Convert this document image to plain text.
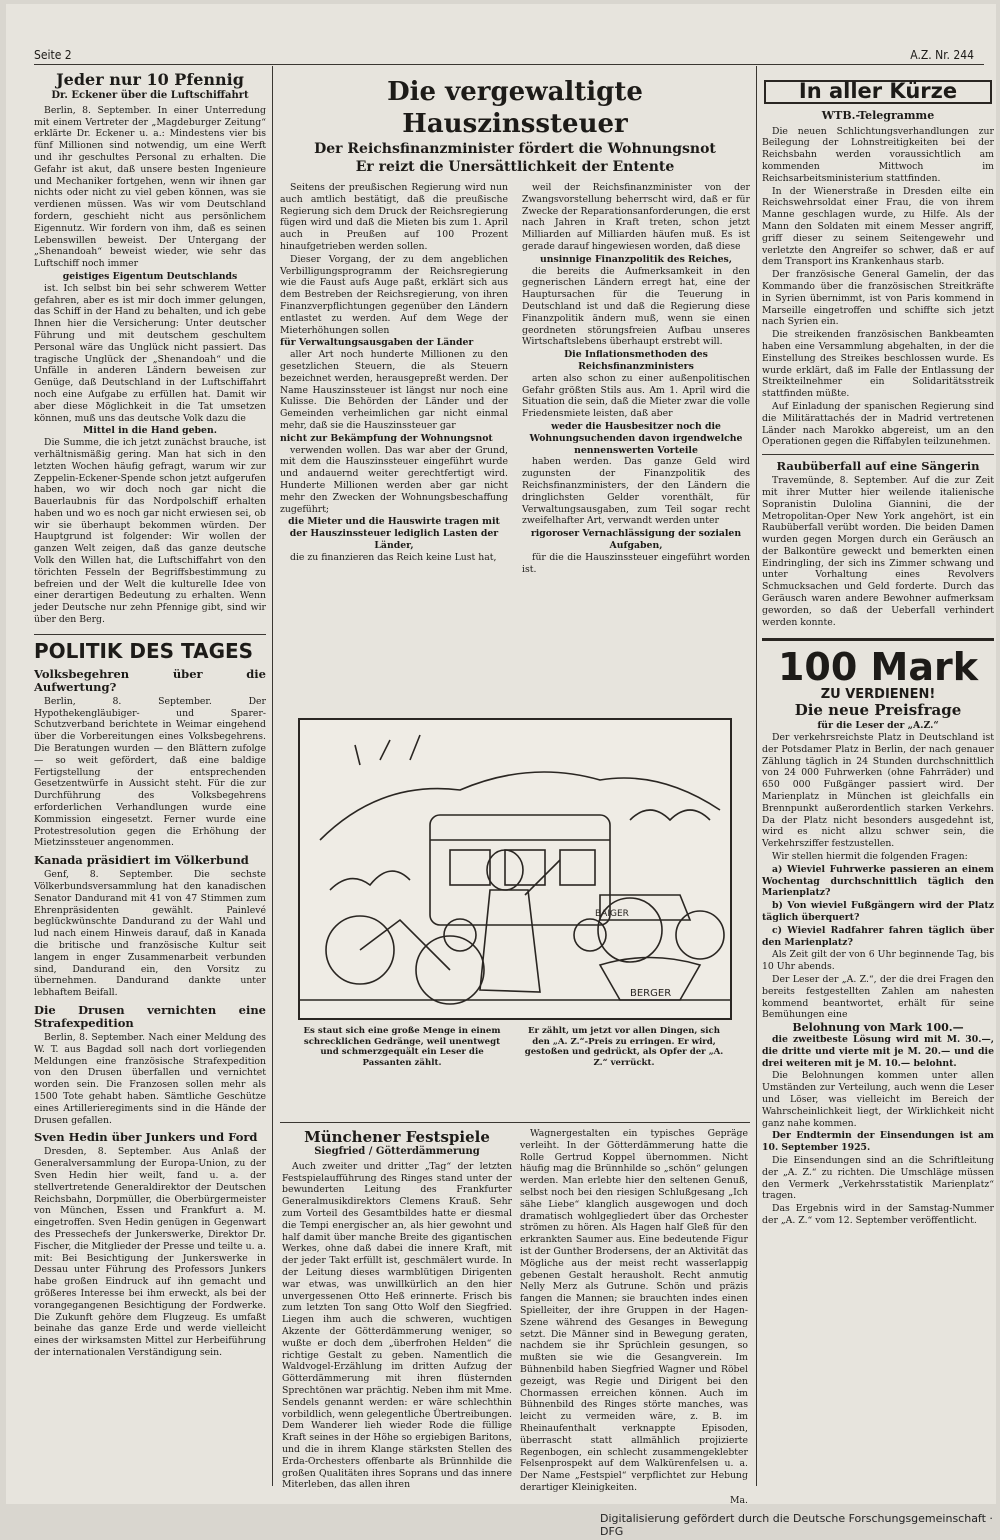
Seite 2	A.Z. Nr. 244
Jeder nur 10 Pfennig
Dr. Eckener über die Luftschiffahrt

Berlin, 8. September. In einer Unterredung mit einem Vertreter der „Magdeburger Zeitung“ erklärte Dr. Eckener u. a.: Mindestens vier bis fünf Millionen sind notwendig, um eine Werft und ihr geschultes Personal zu erhalten. Die Gefahr ist akut, daß unsere besten Ingenieure und Mechaniker fortgehen, wenn wir ihnen gar nichts oder nicht zu viel geben können, was sie verdienen müssen. Was wir vom Deutschland fordern, geschieht nicht aus persönlichem Eigennutz. Wir fordern von ihm, daß es seinen Lebenswillen beweist. Der Untergang der „Shenandoah“ beweist wieder, wie sehr das Luftschiff noch immer

geistiges Eigentum Deutschlands

ist. Ich selbst bin bei sehr schwerem Wetter gefahren, aber es ist mir doch immer gelungen, das Schiff in der Hand zu behalten, und ich gebe Ihnen hier die Versicherung: Unter deutscher Führung und mit deutschem geschultem Personal wäre das Unglück nicht passiert. Das tragische Unglück der „Shenandoah“ und die Unfälle in anderen Ländern beweisen zur Genüge, daß Deutschland in der Luftschiffahrt noch eine Aufgabe zu erfüllen hat. Damit wir aber diese Möglichkeit in die Tat umsetzen können, muß uns das deutsche Volk dazu die

Mittel in die Hand geben.

Die Summe, die ich jetzt zunächst brauche, ist verhältnismäßig gering. Man hat sich in den letzten Wochen häufig gefragt, warum wir zur Zeppelin-Eckener-Spende schon jetzt aufgerufen haben, wo wir doch noch gar nicht die Bauerlaubnis für das Nordpolschiff erhalten haben und wo es noch gar nicht erwiesen sei, ob wir sie überhaupt bekommen würden. Der Hauptgrund ist folgender: Wir wollen der ganzen Welt zeigen, daß das ganze deutsche Volk den Willen hat, die Luftschiffahrt von den törichten Fesseln der Begriffsbestimmung zu befreien und der Welt die kulturelle Idee von einer derartigen Bedeutung zu erhalten. Wenn jeder Deutsche nur zehn Pfennige gibt, sind wir über den Berg.

POLITIK DES TAGES
Volksbegehren über die Aufwertung?

Berlin, 8. September. Der Hypothekengläubiger- und Sparer-Schutzverband berichtete in Weimar eingehend über die Vorbereitungen eines Volksbegehrens. Die Beratungen wurden — den Blättern zufolge — so weit gefördert, daß eine baldige Fertigstellung der entsprechenden Gesetzentwürfe in Aussicht steht. Für die zur Durchführung des Volksbegehrens erforderlichen Verhandlungen wurde eine Kommission eingesetzt. Ferner wurde eine Protestresolution gegen die Erhöhung der Mietzinssteuer angenommen.

Kanada präsidiert im Völkerbund

Genf, 8. September. Die sechste Völkerbundsversammlung hat den kanadischen Senator Dandurand mit 41 von 47 Stimmen zum Ehrenpräsidenten gewählt. Painlevé beglückwünschte Dandurand zu der Wahl und lud nach einem Hinweis darauf, daß in Kanada die britische und französische Kultur seit langem in enger Zusammenarbeit verbunden sind, Dandurand ein, den Vorsitz zu übernehmen. Dandurand dankte unter lebhaftem Beifall.

Die Drusen vernichten eine Strafexpedition

Berlin, 8. September. Nach einer Meldung des W. T. aus Bagdad soll nach dort vorliegenden Meldungen eine französische Strafexpedition von den Drusen überfallen und vernichtet worden sein. Die Franzosen sollen mehr als 1500 Tote gehabt haben. Sämtliche Geschütze eines Artillerieregiments sind in die Hände der Drusen gefallen.

Sven Hedin über Junkers und Ford

Dresden, 8. September. Aus Anlaß der Generalversammlung der Europa-Union, zu der Sven Hedin hier weilt, fand u. a. der stellvertretende Generaldirektor der Deutschen Reichsbahn, Dorpmüller, die Oberbürgermeister von München, Essen und Frankfurt a. M. eingetroffen. Sven Hedin genügen in Gegenwart des Pressechefs der Junkerswerke, Direktor Dr. Fischer, die Mitglieder der Presse und teilte u. a. mit: Bei Besichtigung der Junkerswerke in Dessau unter Führung des Professors Junkers habe großen Eindruck auf ihn gemacht und größeres Interesse bei ihm erweckt, als bei der vorangegangenen Besichtigung der Fordwerke. Die Zukunft gehöre dem Flugzeug. Es umfaßt beinahe das ganze Erde und werde vielleicht eines der wirksamsten Mittel zur Herbeiführung der internationalen Verständigung sein.

Die vergewaltigte Hauszinssteuer
Der Reichsfinanzminister fördert die Wohnungsnot
Er reizt die Unersättlichkeit der Entente

Seitens der preußischen Regierung wird nun auch amtlich bestätigt, daß die preußische Regierung sich dem Druck der Reichsregierung fügen wird und daß die Mieten bis zum 1. April auch in Preußen auf 100 Prozent hinaufgetrieben werden sollen.

Dieser Vorgang, der zu dem angeblichen Verbilligungsprogramm der Reichsregierung wie die Faust aufs Auge paßt, erklärt sich aus dem Bestreben der Reichsregierung, von ihren Finanzverpflichtungen gegenüber den Ländern entlastet zu werden. Auf dem Wege der Mieterhöhungen sollen

für Verwaltungsausgaben der Länder

aller Art noch hunderte Millionen zu den gesetzlichen Steuern, die als Steuern bezeichnet werden, herausgepreßt werden. Der Name Hauszinssteuer ist längst nur noch eine Kulisse. Die Behörden der Länder und der Gemeinden verheimlichen gar nicht einmal mehr, daß sie die Hauszinssteuer gar

nicht zur Bekämpfung der Wohnungsnot

verwenden wollen. Das war aber der Grund, mit dem die Hauszinssteuer eingeführt wurde und andauernd weiter gerechtfertigt wird. Hunderte Millionen werden aber gar nicht mehr den Zwecken der Wohnungsbeschaffung zugeführt;

die Mieter und die Hauswirte tragen mit der Hauszinssteuer lediglich Lasten der Länder,

die zu finanzieren das Reich keine Lust hat,

weil der Reichsfinanzminister von der Zwangsvorstellung beherrscht wird, daß er für Zwecke der Reparationsanforderungen, die erst nach Jahren in Kraft treten, schon jetzt Milliarden auf Milliarden häufen muß. Es ist gerade darauf hingewiesen worden, daß diese

unsinnige Finanzpolitik des Reiches,

die bereits die Aufmerksamkeit in den gegnerischen Ländern erregt hat, eine der Hauptursachen für die Teuerung in Deutschland ist und daß die Regierung diese Finanzpolitik ändern muß, wenn sie einen geordneten störungsfreien Aufbau unseres Wirtschaftslebens überhaupt erstrebt will.

Die Inflationsmethoden des Reichsfinanzministers

arten also schon zu einer außenpolitischen Gefahr größten Stils aus. Am 1. April wird die Situation die sein, daß die Mieter zwar die volle Friedensmiete leisten, daß aber

weder die Hausbesitzer noch die Wohnungsuchenden davon irgendwelche nennenswerten Vorteile

haben werden. Das ganze Geld wird zugunsten der Finanzpolitik des Reichsfinanzministers, der den Ländern die dringlichsten Gelder vorenthält, für Verwaltungsausgaben, zum Teil sogar recht zweifelhafter Art, verwandt werden unter

rigoroser Vernachlässigung der sozialen Aufgaben,

für die die Hauszinssteuer eingeführt worden ist.

BAIGER
BERGER
Es staut sich eine große Menge in einem schrecklichen Gedränge, weil unentwegt und schmerzgequält ein Leser die Passanten zählt.
Er zählt, um jetzt vor allen Dingen, sich den „A. Z.“-Preis zu erringen. Er wird, gestoßen und gedrückt, als Opfer der „A. Z.“ verrückt.
Münchener Festspiele
Siegfried / Götterdämmerung

Auch zweiter und dritter „Tag“ der letzten Festspielaufführung des Ringes stand unter der bewunderten Leitung des Frankfurter Generalmusikdirektors Clemens Krauß. Sehr zum Vorteil des Gesamtbildes hatte er diesmal die Tempi energischer an, als hier gewohnt und half damit über manche Breite des gigantischen Werkes, ohne daß dabei die innere Kraft, mit der jeder Takt erfüllt ist, geschmälert wurde. In der Leitung dieses warmblütigen Dirigenten war etwas, was unwillkürlich an den hier unvergessenen Otto Heß erinnerte. Frisch bis zum letzten Ton sang Otto Wolf den Siegfried. Liegen ihm auch die schweren, wuchtigen Akzente der Götterdämmerung weniger, so wußte er doch dem „überfrohen Helden“ die richtige Gestalt zu geben. Namentlich die Waldvogel-Erzählung im dritten Aufzug der Götterdämmerung mit ihren flüsternden Sprechtönen war prächtig. Neben ihm mit Mme. Sendels genannt werden: er wäre schlechthin vorbildlich, wenn gelegentliche Übertreibungen. Dem Wanderer lieh wieder Rode die füllige Kraft seines in der Höhe so ergiebigen Baritons, und die in ihrem Klange stärksten Stellen des Erda-Orchesters offenbarte als Brünnhilde die großen Qualitäten ihres Soprans und das innere Miterleben, das allen ihren

Wagnergestalten ein typisches Gepräge verleiht. In der Götterdämmerung hatte die Rolle Gertrud Koppel übernommen. Nicht häufig mag die Brünnhilde so „schön“ gelungen werden. Man erlebte hier den seltenen Genuß, selbst noch bei den riesigen Schlußgesang „Ich sähe Liebe“ klanglich ausgewogen und doch dramatisch wohlgegliedert über das Orchester strömen zu hören. Als Hagen half Gleß für den erkrankten Saumer aus. Eine bedeutende Figur ist der Gunther Brodersens, der an Aktivität das Mögliche aus der meist recht wasserlappig gebenen Gestalt herausholt. Recht anmutig Nelly Merz als Gutrune. Schön und präzis fangen die Mannen; sie brauchten indes einen Spielleiter, der ihre Gruppen in der Hagen-Szene während des Gesanges in Bewegung setzt. Die Männer sind in Bewegung geraten, nachdem sie ihr Sprüchlein gesungen, so mußten sie wie die Gesangverein. Im Bühnenbild haben Siegfried Wagner und Röbel gezeigt, was Regie und Dirigent bei den Chormassen erreichen können. Auch im Bühnenbild des Ringes störte manches, was leicht zu vermeiden wäre, z. B. im Rheinaufenthalt verknappte Episoden, überrascht statt allmählich projizierte Regenbogen, ein schlecht zusammengeklebter Felsenprospekt auf dem Walkürenfelsen u. a. Der Name „Festspiel“ verpflichtet zur Hebung derartiger Kleinigkeiten.

Ma.
In aller Kürze
WTB.-Telegramme

Die neuen Schlichtungsverhandlungen zur Beilegung der Lohnstreitigkeiten bei der Reichsbahn werden voraussichtlich am kommenden Mittwoch im Reichsarbeitsministerium stattfinden.

In der Wienerstraße in Dresden eilte ein Reichswehrsoldat einer Frau, die von ihrem Manne geschlagen wurde, zu Hilfe. Als der Mann den Soldaten mit einem Messer angriff, griff dieser zu seinem Seitengewehr und verletzte den Angreifer so schwer, daß er auf dem Transport ins Krankenhaus starb.

Der französische General Gamelin, der das Kommando über die französischen Streitkräfte in Syrien übernimmt, ist von Paris kommend in Marseille eingetroffen und schiffte sich jetzt nach Syrien ein.

Die streikenden französischen Bankbeamten haben eine Versammlung abgehalten, in der die Einstellung des Streikes beschlossen wurde. Es wurde erklärt, daß im Falle der Entlassung der Streikteilnehmer ein Solidaritätsstreik stattfinden müßte.

Auf Einladung der spanischen Regierung sind die Militärattachés der in Madrid vertretenen Länder nach Marokko abgereist, um an den Operationen gegen die Riffabylen teilzunehmen.

Raubüberfall auf eine Sängerin

Travemünde, 8. September. Auf die zur Zeit mit ihrer Mutter hier weilende italienische Sopranistin Dulolina Giannini, die der Metropolitan-Oper New York angehört, ist ein Raubüberfall verübt worden. Die beiden Damen wurden gegen Morgen durch ein Geräusch an der Balkontüre geweckt und bemerkten einen Eindringling, der sich ins Zimmer schwang und unter Vorhaltung eines Revolvers Schmucksachen und Geld forderte. Durch das Geräusch waren andere Bewohner aufmerksam geworden, so daß der Ueberfall verhindert werden konnte.

100 Mark
ZU VERDIENEN!
Die neue Preisfrage
für die Leser der „A.Z.“

Der verkehrsreichste Platz in Deutschland ist der Potsdamer Platz in Berlin, der nach genauer Zählung täglich in 24 Stunden durchschnittlich von 24 000 Fuhrwerken (ohne Fahrräder) und 650 000 Fußgänger passiert wird. Der Marienplatz in München ist gleichfalls ein Brennpunkt außerordentlich starken Verkehrs. Da der Platz nicht besonders ausgedehnt ist, wird es nicht allzu schwer sein, die Verkehrsziffer festzustellen.

Wir stellen hiermit die folgenden Fragen:

a) Wieviel Fuhrwerke passieren an einem Wochentag durchschnittlich täglich den Marienplatz?

b) Von wieviel Fußgängern wird der Platz täglich überquert?

c) Wieviel Radfahrer fahren täglich über den Marienplatz?

Als Zeit gilt der von 6 Uhr beginnende Tag, bis 10 Uhr abends.

Der Leser der „A. Z.“, der die drei Fragen den bereits festgestellten Zahlen am nahesten kommend beantwortet, erhält für seine Bemühungen eine

Belohnung von Mark 100.—

die zweitbeste Lösung wird mit M. 30.—, die dritte und vierte mit je M. 20.— und die drei weiteren mit je M. 10.— belohnt.

Die Belohnungen kommen unter allen Umständen zur Verteilung, auch wenn die Leser und Löser, was vielleicht im Bereich der Wahrscheinlichkeit liegt, der Wirklichkeit nicht ganz nahe kommen.

Der Endtermin der Einsendungen ist am 10. September 1925.

Die Einsendungen sind an die Schriftleitung der „A. Z.“ zu richten. Die Umschläge müssen den Vermerk „Verkehrsstatistik Marienplatz“ tragen.

Das Ergebnis wird in der Samstag-Nummer der „A. Z.“ vom 12. September veröffentlicht.

Digitalisierung gefördert durch die Deutsche Forschungsgemeinschaft · DFG
